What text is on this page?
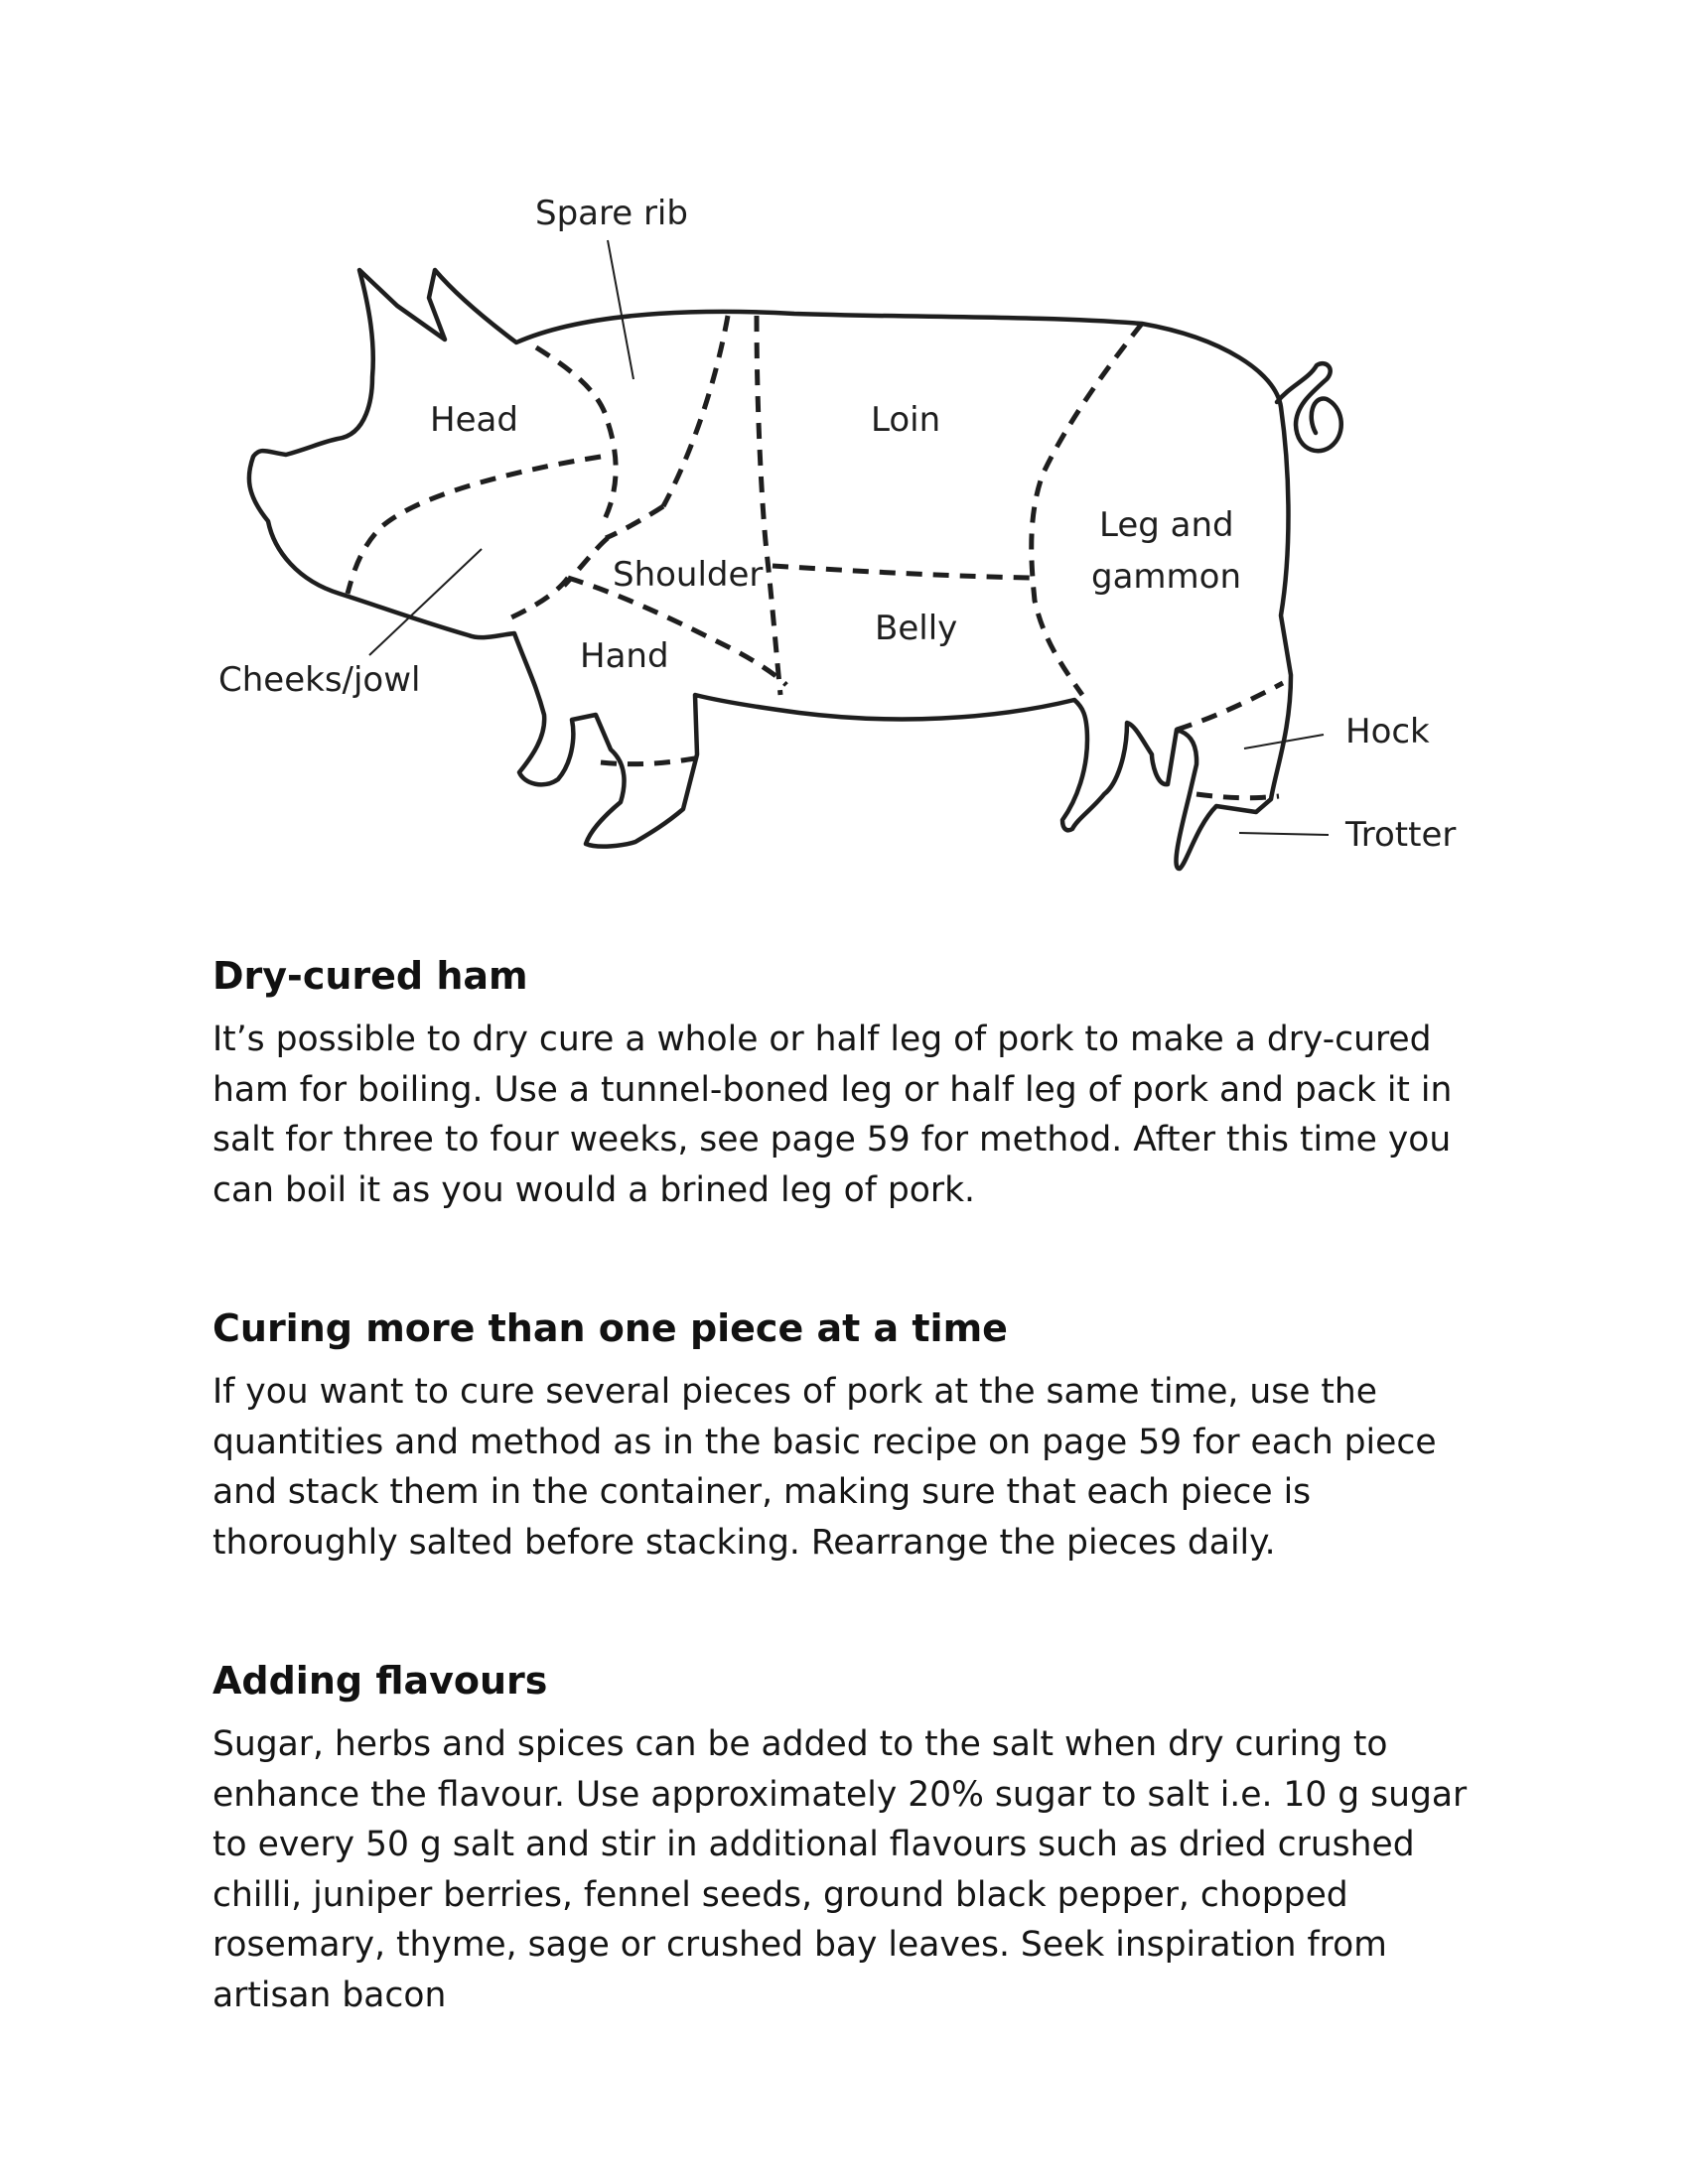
Spare rib
Head	Loin
Leg and
gammon
Shoulder
Belly
Hand
Cheeks/jowl
Hock
Trotter
Dry-cured ham

It’s possible to dry cure a whole or half leg of pork to make a dry-cured ham for boiling. Use a tunnel-boned leg or half leg of pork and pack it in salt for three to four weeks, see page 59 for method. After this time you can boil it as you would a brined leg of pork.

Curing more than one piece at a time

If you want to cure several pieces of pork at the same time, use the quantities and method as in the basic recipe on page 59 for each piece and stack them in the container, making sure that each piece is thoroughly salted before stacking. Rearrange the pieces daily.

Adding flavours

Sugar, herbs and spices can be added to the salt when dry curing to enhance the flavour. Use approximately 20% sugar to salt i.e. 10 g sugar to every 50 g salt and stir in additional flavours such as dried crushed chilli, juniper berries, fennel seeds, ground black pepper, chopped rosemary, thyme, sage or crushed bay leaves. Seek inspiration from artisan bacon
